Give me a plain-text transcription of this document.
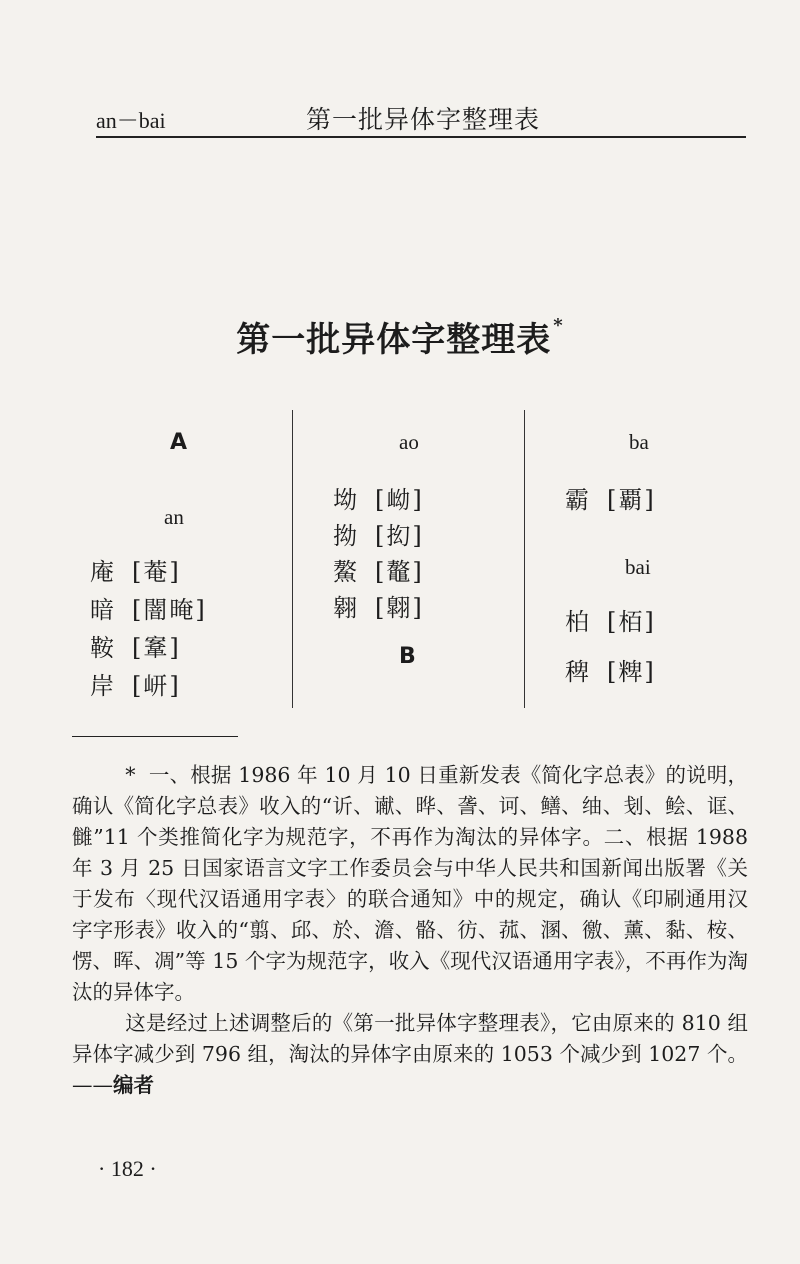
an－bai	第一批异体字整理表
第一批异体字整理表 *
A
an
庵 [菴]
暗 [闇晻]
鞍 [鞌]
岸 [岍]
ao
坳 [岰]
拗 [抝]
鰲 [鼇]
翱 [翺]
B
ba
霸 [覇]
bai
柏 [栢]
稗 [粺]

* 一、根据 1986 年 10 月 10 日重新发表《简化字总表》的说明，确认《简化字总表》收入的“䜣、谳、晔、詟、诃、鳝、䌷、刬、鲙、诓、雠”11 个类推简化字为规范字，不再作为淘汰的异体字。二、根据 1988 年 3 月 25 日国家语言文字工作委员会与中华人民共和国新闻出版署《关于发布〈现代汉语通用字表〉的联合通知》中的规定，确认《印刷通用汉字字形表》收入的“翦、邱、於、澹、骼、彷、菰、溷、徼、薰、黏、桉、愣、晖、凋”等 15 个字为规范字，收入《现代汉语通用字表》，不再作为淘汰的异体字。

这是经过上述调整后的《第一批异体字整理表》，它由原来的 810 组异体字减少到 796 组，淘汰的异体字由原来的 1053 个减少到 1027 个。——编者

· 182 ·
